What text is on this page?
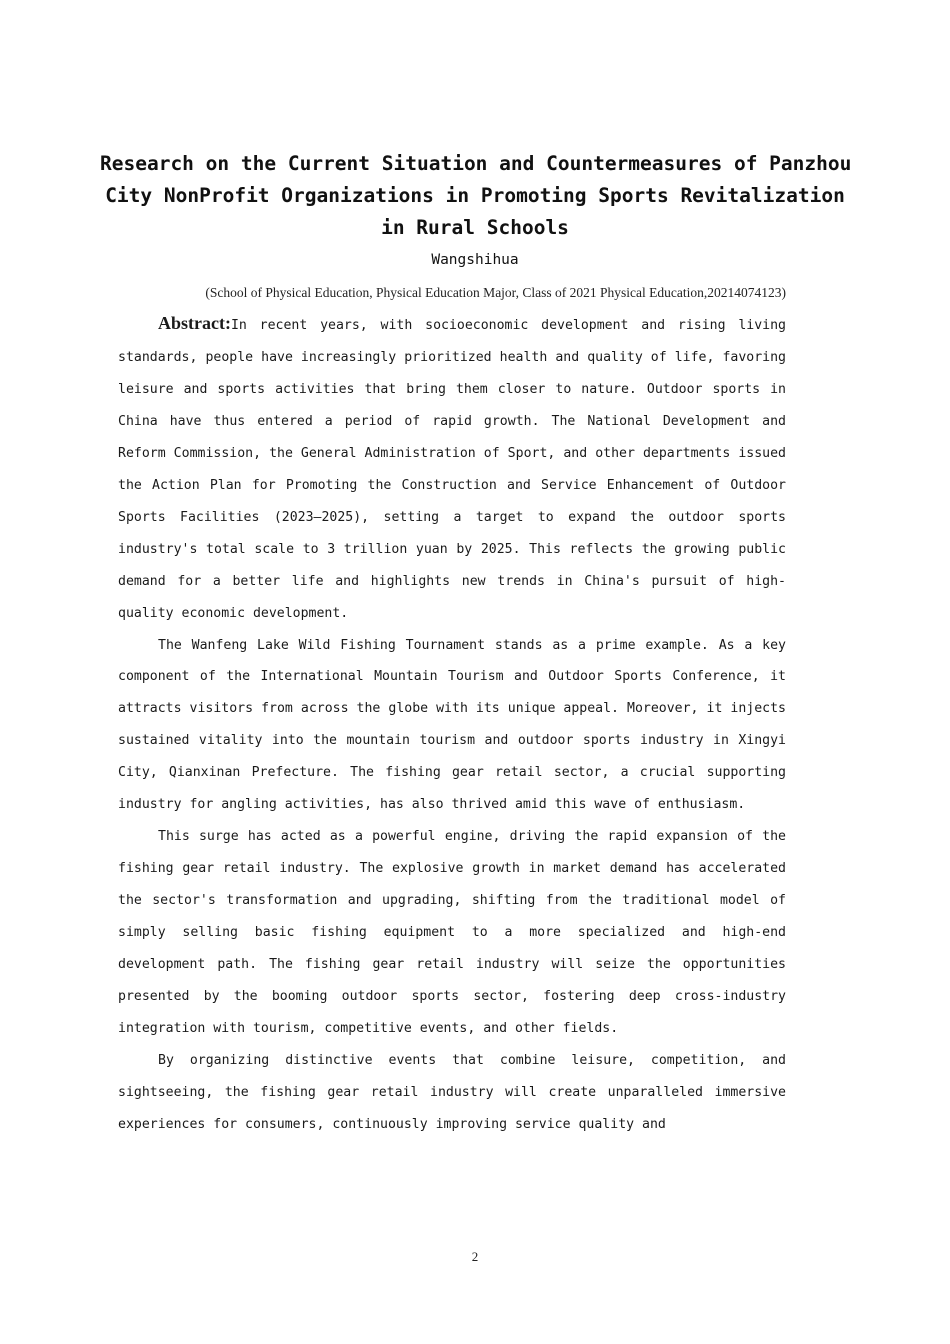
Research on the Current Situation and Countermeasures of Panzhou
City NonProfit Organizations in Promoting Sports Revitalization
in Rural Schools
Wangshihua
(School of Physical Education, Physical Education Major, Class of 2021 Physical Education,20214074123)

Abstract:In recent years, with socioeconomic development and rising living standards, people have increasingly prioritized health and quality of life, favoring leisure and sports activities that bring them closer to nature. Outdoor sports in China have thus entered a period of rapid growth. The National Development and Reform Commission, the General Administration of Sport, and other departments issued the Action Plan for Promoting the Construction and Service Enhancement of Outdoor Sports Facilities (2023–2025), setting a target to expand the outdoor sports industry's total scale to 3 trillion yuan by 2025. This reflects the growing public demand for a better life and highlights new trends in China's pursuit of high-quality economic development.

The Wanfeng Lake Wild Fishing Tournament stands as a prime example. As a key component of the International Mountain Tourism and Outdoor Sports Conference, it attracts visitors from across the globe with its unique appeal. Moreover, it injects sustained vitality into the mountain tourism and outdoor sports industry in Xingyi City, Qianxinan Prefecture. The fishing gear retail sector, a crucial supporting industry for angling activities, has also thrived amid this wave of enthusiasm.

This surge has acted as a powerful engine, driving the rapid expansion of the fishing gear retail industry. The explosive growth in market demand has accelerated the sector's transformation and upgrading, shifting from the traditional model of simply selling basic fishing equipment to a more specialized and high-end development path. The fishing gear retail industry will seize the opportunities presented by the booming outdoor sports sector, fostering deep cross-industry integration with tourism, competitive events, and other fields.

By organizing distinctive events that combine leisure, competition, and sightseeing, the fishing gear retail industry will create unparalleled immersive experiences for consumers, continuously improving service quality and

2
